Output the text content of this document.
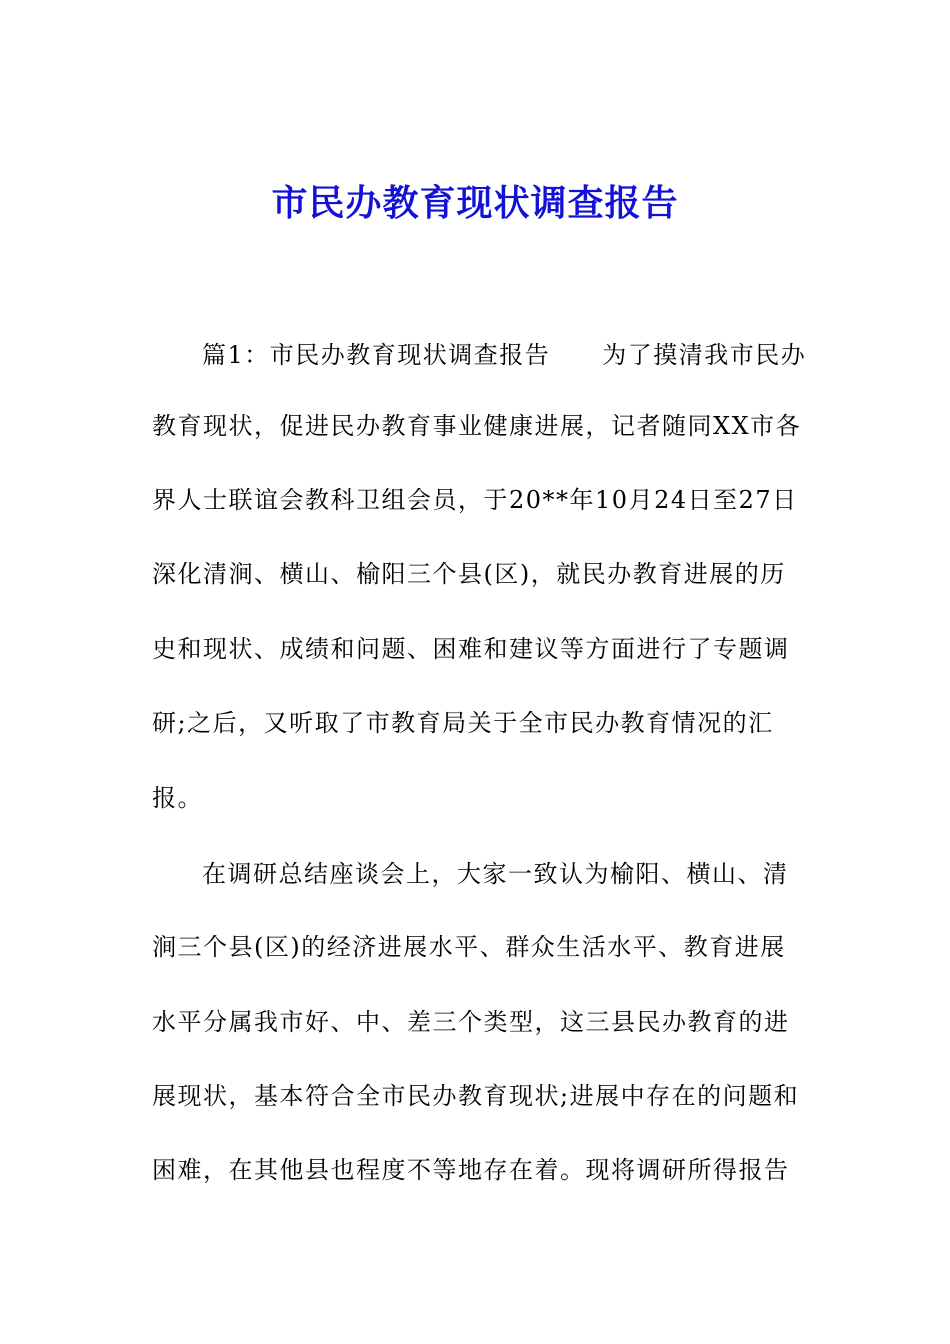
市民办教育现状调查报告
篇1：市民办教育现状调查报告 为了摸清我市民办
教育现状，促进民办教育事业健康进展，记者随同XX市各
界人士联谊会教科卫组会员，于20**年10月24日至27日
深化清涧、横山、榆阳三个县(区)，就民办教育进展的历
史和现状、成绩和问题、困难和建议等方面进行了专题调
研;之后，又听取了市教育局关于全市民办教育情况的汇
报。
在调研总结座谈会上，大家一致认为榆阳、横山、清
涧三个县(区)的经济进展水平、群众生活水平、教育进展
水平分属我市好、中、差三个类型，这三县民办教育的进
展现状，基本符合全市民办教育现状;进展中存在的问题和
困难，在其他县也程度不等地存在着。现将调研所得报告
